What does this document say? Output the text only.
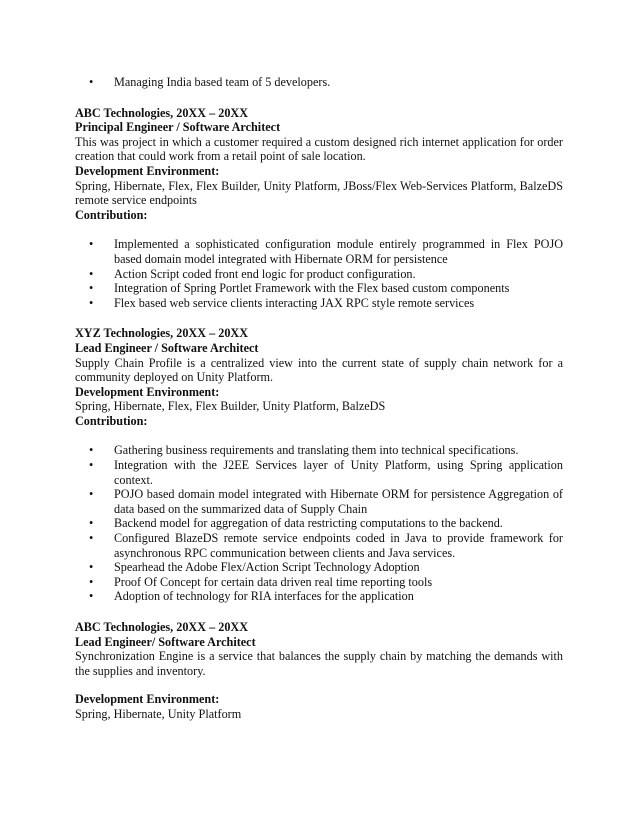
•	Managing India based team of 5 developers.

ABC Technologies, 20XX – 20XX

Principal Engineer / Software Architect

This was project in which a customer required a custom designed rich internet application for order creation that could work from a retail point of sale location.

Development Environment:

Spring, Hibernate, Flex, Flex Builder, Unity Platform, JBoss/Flex Web-Services Platform, BalzeDS remote service endpoints

Contribution:

•	Implemented a sophisticated configuration module entirely programmed in Flex POJO based domain model integrated with Hibernate ORM for persistence
•	Action Script coded front end logic for product configuration.
•	Integration of Spring Portlet Framework with the Flex based custom components
•	Flex based web service clients interacting JAX RPC style remote services

XYZ Technologies, 20XX – 20XX

Lead Engineer / Software Architect

Supply Chain Profile is a centralized view into the current state of supply chain network for a community deployed on Unity Platform.

Development Environment:

Spring, Hibernate, Flex, Flex Builder, Unity Platform, BalzeDS

Contribution:

•	Gathering business requirements and translating them into technical specifications.
•	Integration with the J2EE Services layer of Unity Platform, using Spring application context.
•	POJO based domain model integrated with Hibernate ORM for persistence Aggregation of data based on the summarized data of Supply Chain
•	Backend model for aggregation of data restricting computations to the backend.
•	Configured BlazeDS remote service endpoints coded in Java to provide framework for asynchronous RPC communication between clients and Java services.
•	Spearhead the Adobe Flex/Action Script Technology Adoption
•	Proof Of Concept for certain data driven real time reporting tools
•	Adoption of technology for RIA interfaces for the application

ABC Technologies, 20XX – 20XX

Lead Engineer/ Software Architect

Synchronization Engine is a service that balances the supply chain by matching the demands with the supplies and inventory.

Development Environment:

Spring, Hibernate, Unity Platform
